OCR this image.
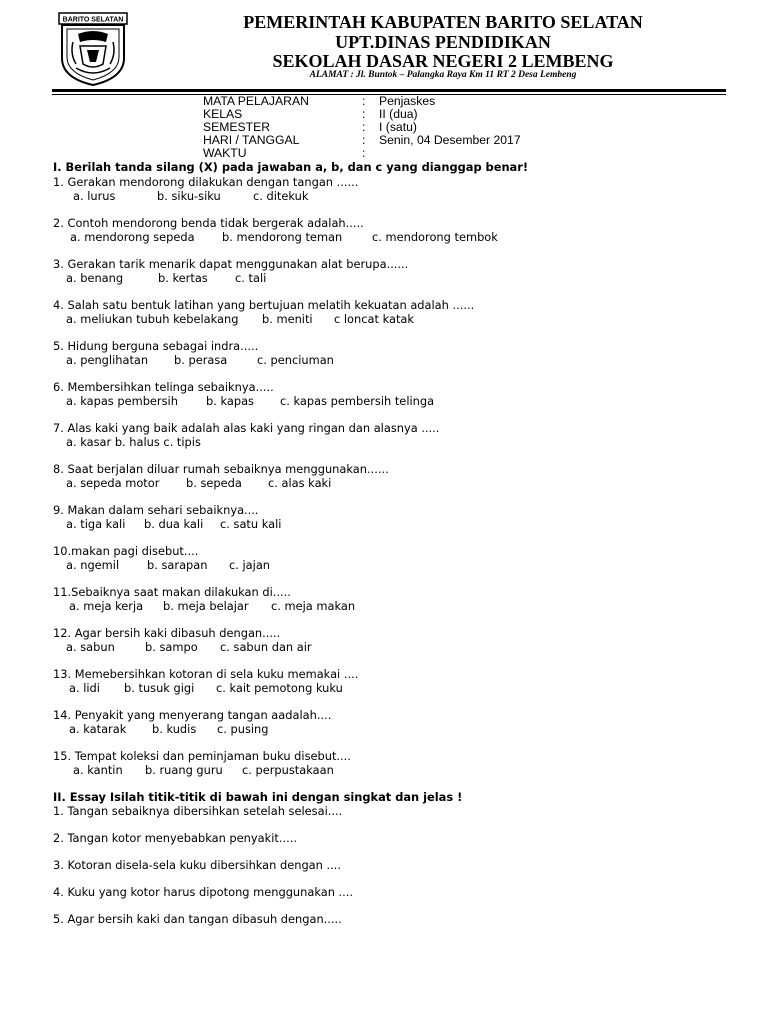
BARITO SELATAN	PEMERINTAH KABUPATEN BARITO SELATAN
UPT.DINAS PENDIDIKAN
SEKOLAH DASAR NEGERI 2 LEMBENG
ALAMAT : Jl. Buntok – Palangka Raya Km 11 RT 2 Desa Lembeng
MATA PELAJARAN	: Penjaskes
KELAS	: II (dua)
SEMESTER	: I (satu)
HARI / TANGGAL	: Senin, 04 Desember 2017
WAKTU	:
I. Berilah tanda silang (X) pada jawaban a, b, dan c yang dianggap benar!
1. Gerakan mendorong dilakukan dengan tangan ......
a. lurus	b. siku-siku	c. ditekuk
2. Contoh mendorong benda tidak bergerak adalah.....
a. mendorong sepeda b. mendorong teman	c. mendorong tembok
3. Gerakan tarik menarik dapat menggunakan alat berupa......
a. benang	b. kertas c. tali
4. Salah satu bentuk latihan yang bertujuan melatih kekuatan adalah ......
a. meliukan tubuh kebelakang b. meniti c loncat katak
5. Hidung berguna sebagai indra.....
a. penglihatan b. perasa	c. penciuman
6. Membersihkan telinga sebaiknya.....
a. kapas pembersih b. kapas c. kapas pembersih telinga
7. Alas kaki yang baik adalah alas kaki yang ringan dan alasnya .....
a. kasar b. halus c. tipis
8. Saat berjalan diluar rumah sebaiknya menggunakan......
a. sepeda motor b. sepeda c. alas kaki
9. Makan dalam sehari sebaiknya....
a. tiga kali b. dua kali c. satu kali
10.makan pagi disebut....
a. ngemil b. sarapan c. jajan
11.Sebaiknya saat makan dilakukan di.....
a. meja kerja b. meja belajar c. meja makan
12. Agar bersih kaki dibasuh dengan.....
a. sabun	b. sampo c. sabun dan air
13. Memebersihkan kotoran di sela kuku memakai ....
a. lidi b. tusuk gigi c. kait pemotong kuku
14. Penyakit yang menyerang tangan aadalah....
a. katarak b. kudis c. pusing
15. Tempat koleksi dan peminjaman buku disebut....
a. kantin b. ruang guru c. perpustakaan
II. Essay Isilah titik-titik di bawah ini dengan singkat dan jelas !
1. Tangan sebaiknya dibersihkan setelah selesai....
2. Tangan kotor menyebabkan penyakit.....
3. Kotoran disela-sela kuku dibersihkan dengan ....
4. Kuku yang kotor harus dipotong menggunakan ....
5. Agar bersih kaki dan tangan dibasuh dengan.....
